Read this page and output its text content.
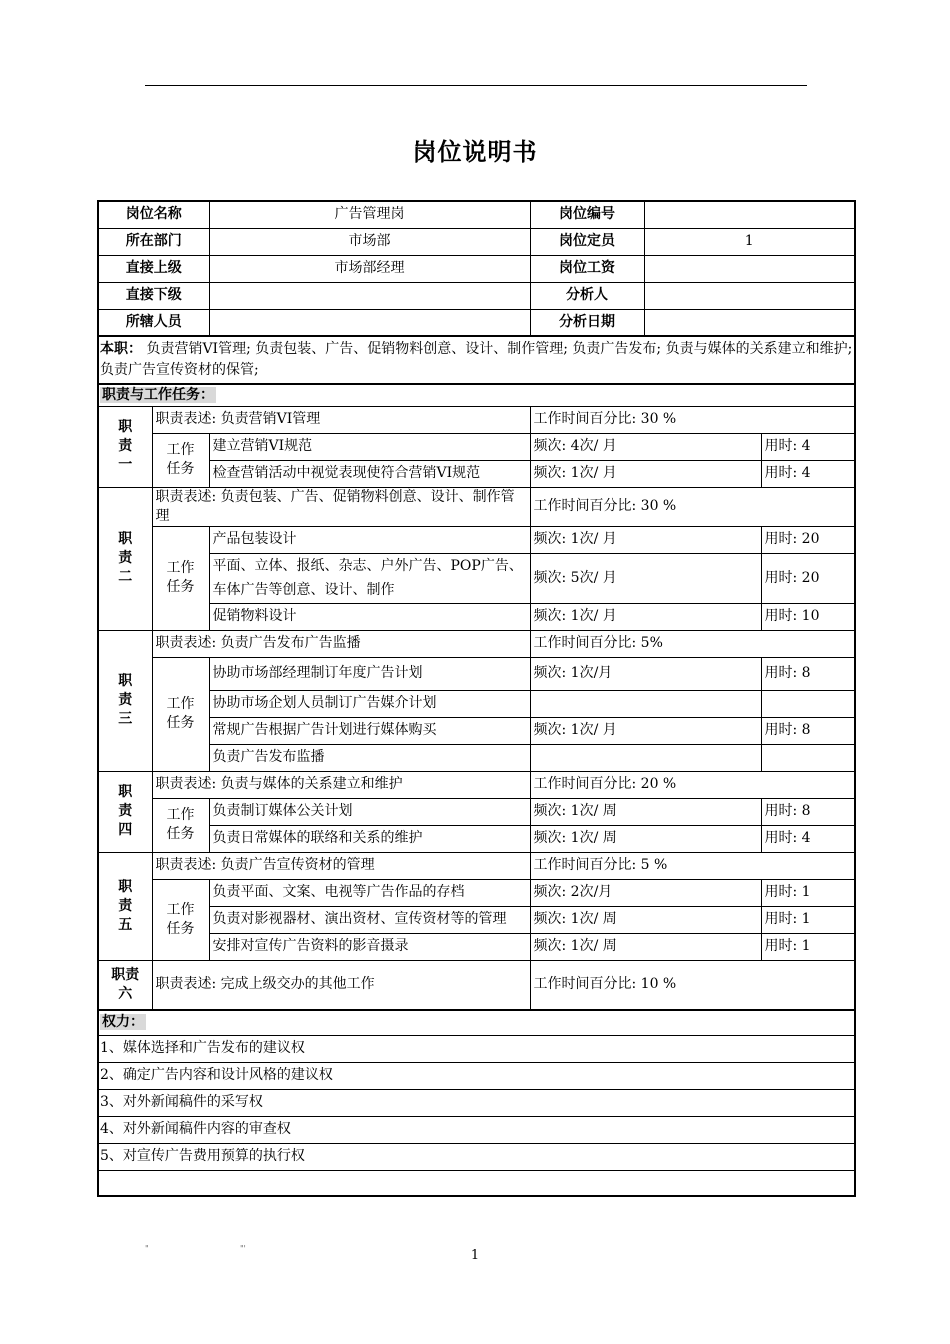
岗位说明书
岗位名称		广告管理岗	岗位编号		
所在部门		市场部	岗位定员	1	
直接上级		市场部经理	岗位工资		
直接下级			分析人		
所辖人员			分析日期		
本职： 负责营销VI管理; 负责包装、广告、促销物料创意、设计、制作管理; 负责广告发布; 负责与媒体的关系建立和维护; 负责广告宣传资材的保管;					
职责与工作任务：					
职责一	职责表述: 负责营销VI管理		工作时间百分比: 30 %		
	工作任务	建立营销VI规范	频次: 4次/ 月		用时: 4
		检查营销活动中视觉表现使符合营销VI规范	频次: 1次/ 月		用时: 4
职责二	职责表述: 负责包装、广告、促销物料创意、设计、制作管理		工作时间百分比: 30 %		
	工作任务	产品包装设计	频次: 1次/ 月		用时: 20
		平面、立体、报纸、杂志、户外广告、POP广告、车体广告等创意、设计、制作	频次: 5次/ 月		用时: 20
		促销物料设计	频次: 1次/ 月		用时: 10
职责三	职责表述: 负责广告发布广告监播		工作时间百分比: 5%		
	工作任务	协助市场部经理制订年度广告计划	频次: 1次/月		用时: 8
		协助市场企划人员制订广告媒介计划			
		常规广告根据广告计划进行媒体购买	频次: 1次/ 月		用时: 8
		负责广告发布监播			
职责四	职责表述: 负责与媒体的关系建立和维护		工作时间百分比: 20 %		
	工作任务	负责制订媒体公关计划	频次: 1次/ 周		用时: 8
		负责日常媒体的联络和关系的维护	频次: 1次/ 周		用时: 4
职责五	职责表述: 负责广告宣传资材的管理		工作时间百分比: 5 %		
	工作任务	负责平面、文案、电视等广告作品的存档	频次: 2次/月		用时: 1
		负责对影视器材、演出资材、宣传资材等的管理	频次: 1次/ 周		用时: 1
		安排对宣传广告资料的影音摄录	频次: 1次/ 周		用时: 1
职责六	职责表述: 完成上级交办的其他工作		工作时间百分比: 10 %		
权力：					
1、媒体选择和广告发布的建议权					
2、确定广告内容和设计风格的建议权					
3、对外新闻稿件的采写权					
4、对外新闻稿件内容的审查权					
5、对宣传广告费用预算的执行权					

"	"'	1
